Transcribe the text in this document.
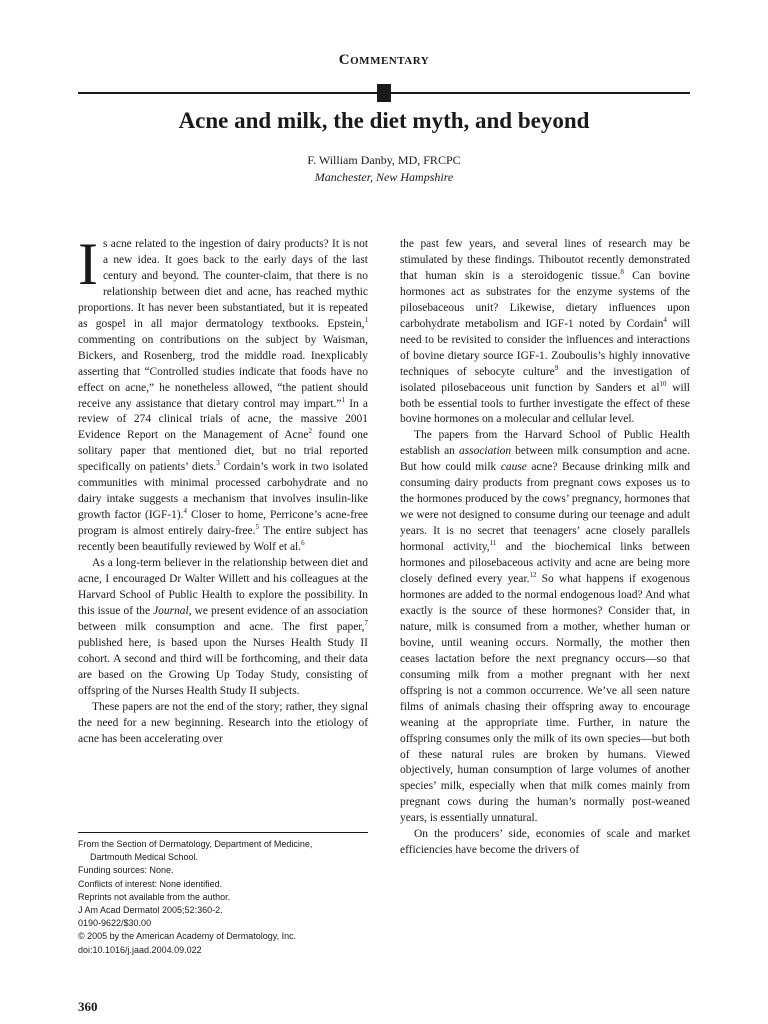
Commentary
Acne and milk, the diet myth, and beyond
F. William Danby, MD, FRCPC
Manchester, New Hampshire

Is acne related to the ingestion of dairy products? It is not a new idea. It goes back to the early days of the last century and beyond. The counter-claim, that there is no relationship between diet and acne, has reached mythic proportions. It has never been substantiated, but it is repeated as gospel in all major dermatology textbooks. Epstein,$^1$ commenting on contributions on the subject by Waisman, Bickers, and Rosenberg, trod the middle road. Inexplicably asserting that “Controlled studies indicate that foods have no effect on acne,” he nonetheless allowed, “the patient should receive any assistance that dietary control may impart.”$^1$ In a review of 274 clinical trials of acne, the massive 2001 Evidence Report on the Management of Acne$^2$ found one solitary paper that mentioned diet, but no trial reported specifically on patients’ diets.$^3$ Cordain’s work in two isolated communities with minimal processed carbohydrate and no dairy intake suggests a mechanism that involves insulin-like growth factor (IGF-1).$^4$ Closer to home, Perricone’s acne-free program is almost entirely dairy-free.$^5$ The entire subject has recently been beautifully reviewed by Wolf et al.$^6$

As a long-term believer in the relationship between diet and acne, I encouraged Dr Walter Willett and his colleagues at the Harvard School of Public Health to explore the possibility. In this issue of the Journal, we present evidence of an association between milk consumption and acne. The first paper,$^7$ published here, is based upon the Nurses Health Study II cohort. A second and third will be forthcoming, and their data are based on the Growing Up Today Study, consisting of offspring of the Nurses Health Study II subjects.

These papers are not the end of the story; rather, they signal the need for a new beginning. Research into the etiology of acne has been accelerating over

the past few years, and several lines of research may be stimulated by these findings. Thiboutot recently demonstrated that human skin is a steroidogenic tissue.$^8$ Can bovine hormones act as substrates for the enzyme systems of the pilosebaceous unit? Likewise, dietary influences upon carbohydrate metabolism and IGF-1 noted by Cordain$^4$ will need to be revisited to consider the influences and interactions of bovine dietary source IGF-1. Zouboulis’s highly innovative techniques of sebocyte culture$^9$ and the investigation of isolated pilosebaceous unit function by Sanders et $al^{10}$ will both be essential tools to further investigate the effect of these bovine hormones on a molecular and cellular level.

The papers from the Harvard School of Public Health establish an association between milk consumption and acne. But how could milk cause acne? Because drinking milk and consuming dairy products from pregnant cows exposes us to the hormones produced by the cows’ pregnancy, hormones that we were not designed to consume during our teenage and adult years. It is no secret that teenagers’ acne closely parallels hormonal activity,$^{11}$ and the biochemical links between hormones and pilosebaceous activity and acne are being more closely defined every year.$^{12}$ So what happens if exogenous hormones are added to the normal endogenous load? And what exactly is the source of these hormones? Consider that, in nature, milk is consumed from a mother, whether human or bovine, until weaning occurs. Normally, the mother then ceases lactation before the next pregnancy occurs—so that consuming milk from a mother pregnant with her next offspring is not a common occurrence. We’ve all seen nature films of animals chasing their offspring away to encourage weaning at the appropriate time. Further, in nature the offspring consumes only the milk of its own species—but both of these natural rules are broken by humans. Viewed objectively, human consumption of large volumes of another species’ milk, especially when that milk comes mainly from pregnant cows during the human’s normally post-weaned years, is essentially unnatural.

On the producers’ side, economies of scale and market efficiencies have become the drivers of

From the Section of Dermatology, Department of Medicine,
Dartmouth Medical School.
Funding sources: None.
Conflicts of interest: None identified.
Reprints not available from the author.
J Am Acad Dermatol 2005;52:360-2.
0190-9622/$30.00
© 2005 by the American Academy of Dermatology, Inc.
doi:10.1016/j.jaad.2004.09.022
360
